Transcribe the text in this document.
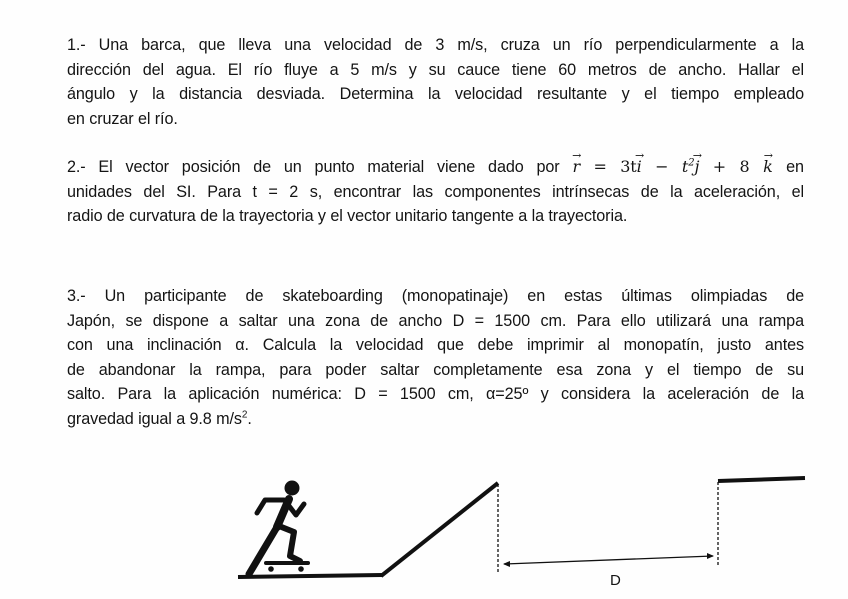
1.- Una barca, que lleva una velocidad de 3 m/s, cruza un río perpendicularmente a la
dirección del agua. El río fluye a 5 m/s y su cauce tiene 60 metros de ancho. Hallar el
ángulo y la distancia desviada. Determina la velocidad resultante y el tiempo empleado
en cruzar el río.
2.- El vector posición de un punto material viene dado por → $r = 3t\to i - t^2\to j + 8 \to k$ en
unidades del SI. Para t = 2 s, encontrar las componentes intrínsecas de la aceleración, el
radio de curvatura de la trayectoria y el vector unitario tangente a la trayectoria.
3.- Un participante de skateboarding (monopatinaje) en estas últimas olimpiadas de
Japón, se dispone a saltar una zona de ancho D = 1500 cm. Para ello utilizará una rampa
con una inclinación α. Calcula la velocidad que debe imprimir al monopatín, justo antes
de abandonar la rampa, para poder saltar completamente esa zona y el tiempo de su
salto. Para la aplicación numérica: D = 1500 cm, α=25º y considera la aceleración de la
gravedad igual a 9.8 $m/s^2$.
D
